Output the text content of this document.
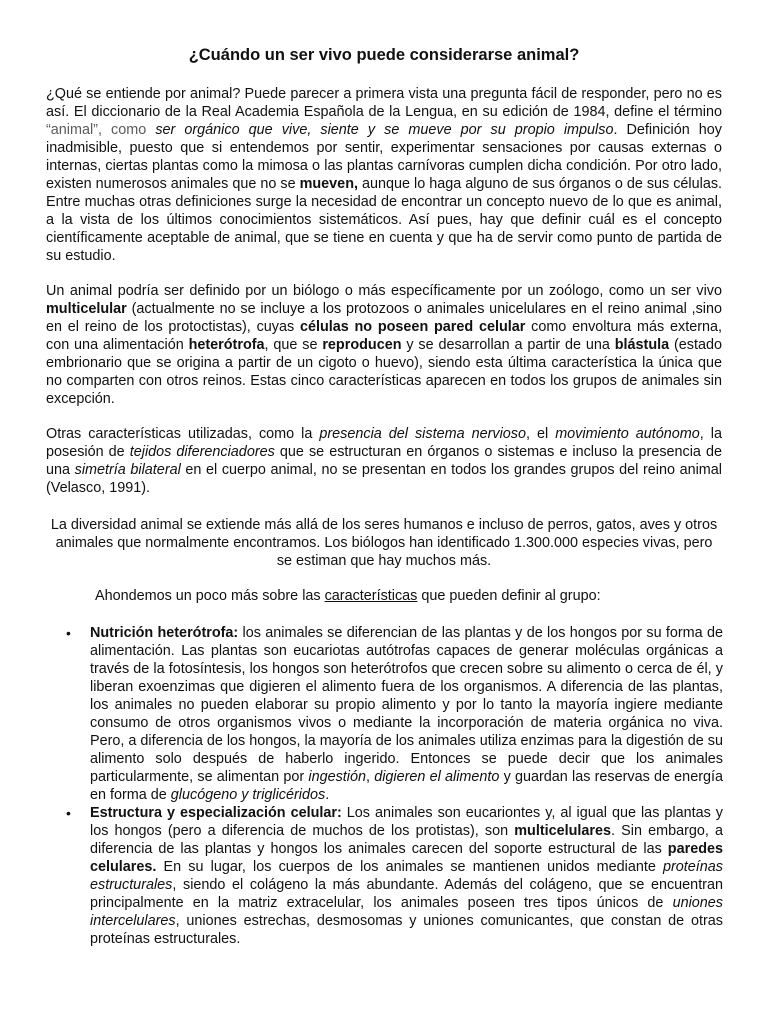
¿Cuándo un ser vivo puede considerarse animal?

¿Qué se entiende por animal? Puede parecer a primera vista una pregunta fácil de responder, pero no es así. El diccionario de la Real Academia Española de la Lengua, en su edición de 1984, define el término “animal”, como ser orgánico que vive, siente y se mueve por su propio impulso. Definición hoy inadmisible, puesto que si entendemos por sentir, experimentar sensaciones por causas externas o internas, ciertas plantas como la mimosa o las plantas carnívoras cumplen dicha condición. Por otro lado, existen numerosos animales que no se mueven, aunque lo haga alguno de sus órganos o de sus células. Entre muchas otras definiciones surge la necesidad de encontrar un concepto nuevo de lo que es animal, a la vista de los últimos conocimientos sistemáticos. Así pues, hay que definir cuál es el concepto científicamente aceptable de animal, que se tiene en cuenta y que ha de servir como punto de partida de su estudio.

Un animal podría ser definido por un biólogo o más específicamente por un zoólogo, como un ser vivo multicelular (actualmente no se incluye a los protozoos o animales unicelulares en el reino animal ,sino en el reino de los protoctistas), cuyas células no poseen pared celular como envoltura más externa, con una alimentación heterótrofa, que se reproducen y se desarrollan a partir de una blástula (estado embrionario que se origina a partir de un cigoto o huevo), siendo esta última característica la única que no comparten con otros reinos. Estas cinco características aparecen en todos los grupos de animales sin excepción.

Otras características utilizadas, como la presencia del sistema nervioso, el movimiento autónomo, la posesión de tejidos diferenciadores que se estructuran en órganos o sistemas e incluso la presencia de una simetría bilateral en el cuerpo animal, no se presentan en todos los grandes grupos del reino animal (Velasco, 1991).

La diversidad animal se extiende más allá de los seres humanos e incluso de perros, gatos, aves y otros animales que normalmente encontramos. Los biólogos han identificado 1.300.000 especies vivas, pero se estiman que hay muchos más.

Ahondemos un poco más sobre las características que pueden definir al grupo:

• Nutrición heterótrofa: los animales se diferencian de las plantas y de los hongos por su forma de alimentación. Las plantas son eucariotas autótrofas capaces de generar moléculas orgánicas a través de la fotosíntesis, los hongos son heterótrofos que crecen sobre su alimento o cerca de él, y liberan exoenzimas que digieren el alimento fuera de los organismos. A diferencia de las plantas, los animales no pueden elaborar su propio alimento y por lo tanto la mayoría ingiere mediante consumo de otros organismos vivos o mediante la incorporación de materia orgánica no viva. Pero, a diferencia de los hongos, la mayoría de los animales utiliza enzimas para la digestión de su alimento solo después de haberlo ingerido. Entonces se puede decir que los animales particularmente, se alimentan por ingestión, digieren el alimento y guardan las reservas de energía en forma de glucógeno y triglicéridos.
• Estructura y especialización celular: Los animales son eucariontes y, al igual que las plantas y los hongos (pero a diferencia de muchos de los protistas), son multicelulares. Sin embargo, a diferencia de las plantas y hongos los animales carecen del soporte estructural de las paredes celulares. En su lugar, los cuerpos de los animales se mantienen unidos mediante proteínas estructurales, siendo el colágeno la más abundante. Además del colágeno, que se encuentran principalmente en la matriz extracelular, los animales poseen tres tipos únicos de uniones intercelulares, uniones estrechas, desmosomas y uniones comunicantes, que constan de otras proteínas estructurales.
